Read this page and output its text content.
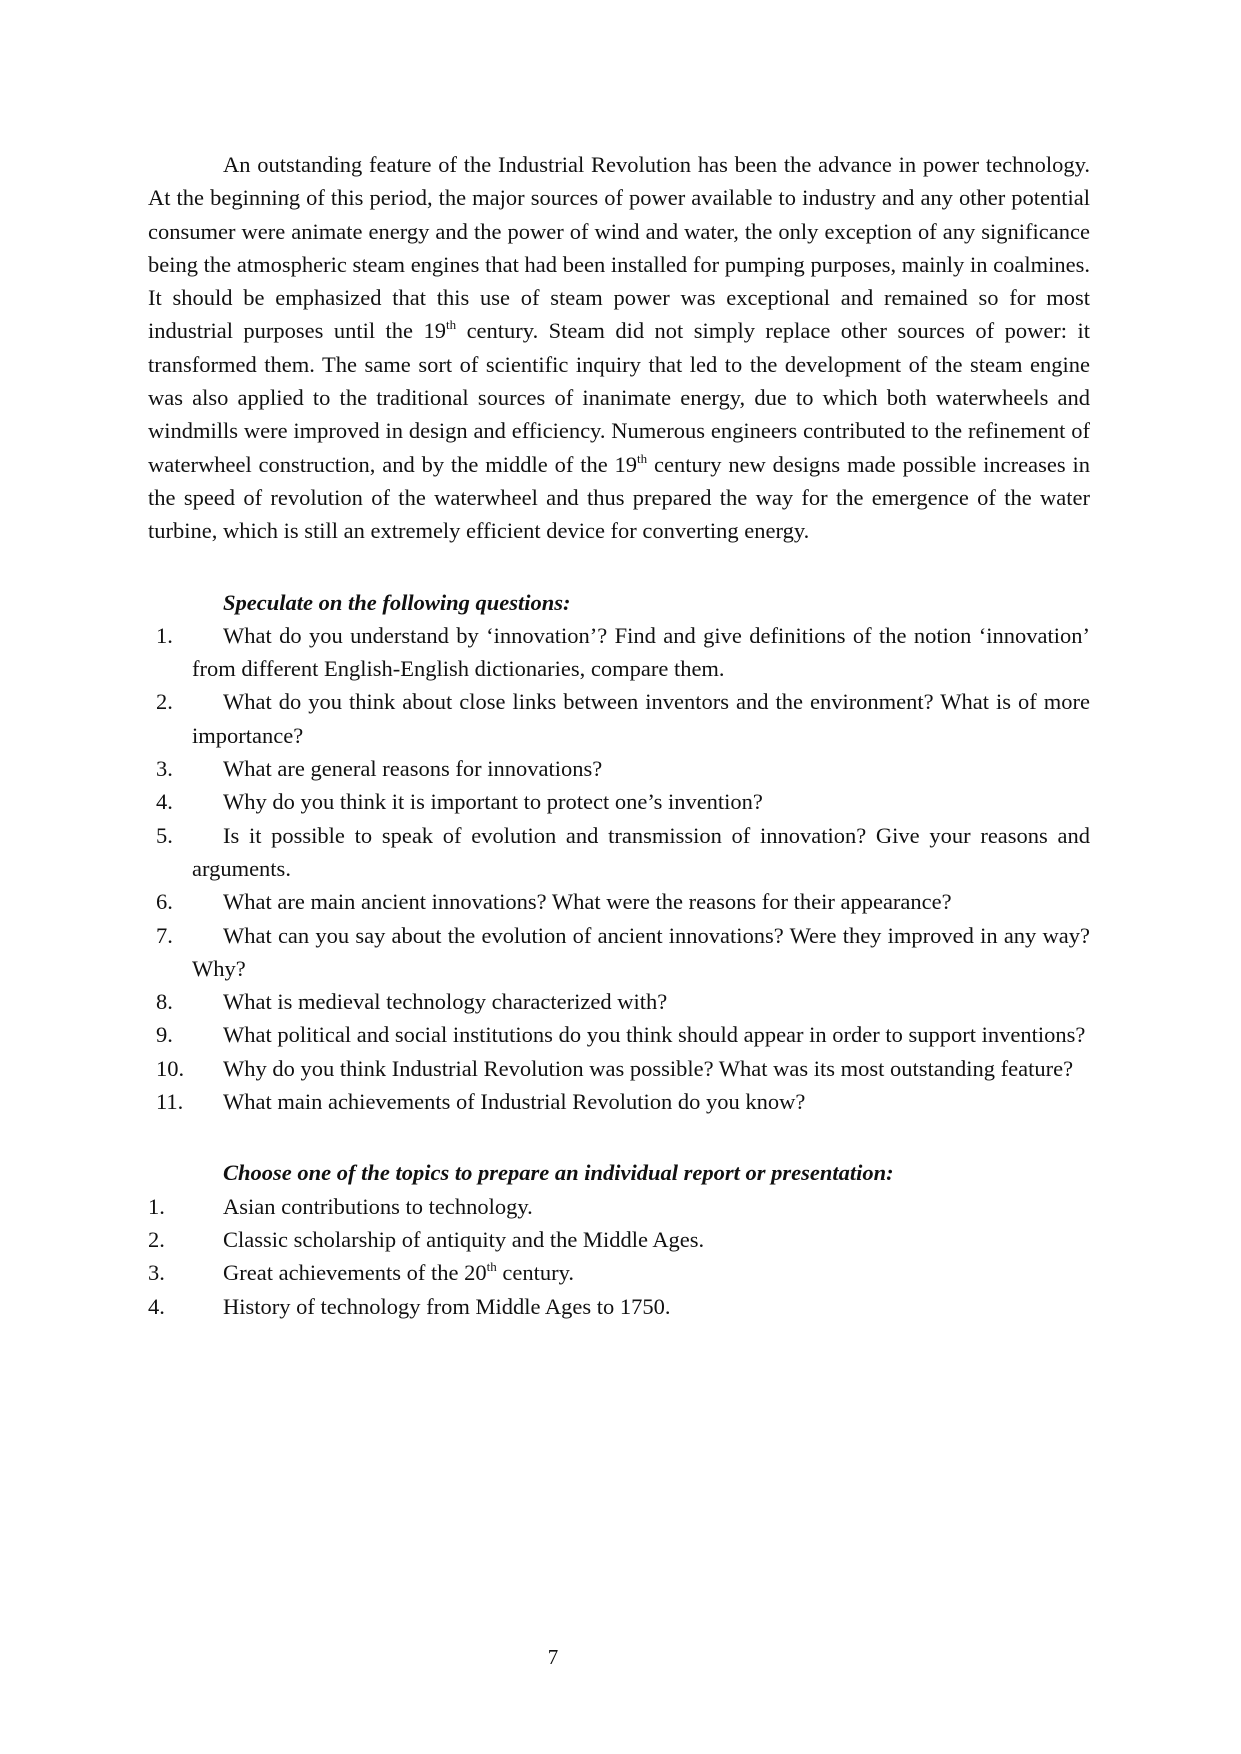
An outstanding feature of the Industrial Revolution has been the advance in power technology. At the beginning of this period, the major sources of power available to industry and any other potential consumer were animate energy and the power of wind and water, the only exception of any significance being the atmospheric steam engines that had been installed for pumping purposes, mainly in coalmines. It should be emphasized that this use of steam power was exceptional and remained so for most industrial purposes until the 19th century. Steam did not simply replace other sources of power: it transformed them. The same sort of scientific inquiry that led to the development of the steam engine was also applied to the traditional sources of inanimate energy, due to which both waterwheels and windmills were improved in design and efficiency. Numerous engineers contributed to the refinement of waterwheel construction, and by the middle of the 19th century new designs made possible increases in the speed of revolution of the waterwheel and thus prepared the way for the emergence of the water turbine, which is still an extremely efficient device for converting energy.

Speculate on the following questions:

1. What do you understand by ‘innovation’? Find and give definitions of the notion ‘innovation’ from different English-English dictionaries, compare them.
2. What do you think about close links between inventors and the environment? What is of more importance?
3. What are general reasons for innovations?
4. Why do you think it is important to protect one’s invention?
5. Is it possible to speak of evolution and transmission of innovation? Give your reasons and arguments.
6. What are main ancient innovations? What were the reasons for their appearance?
7. What can you say about the evolution of ancient innovations? Were they improved in any way? Why?
8. What is medieval technology characterized with?
9. What political and social institutions do you think should appear in order to support inventions?
10. Why do you think Industrial Revolution was possible? What was its most outstanding feature?
11. What main achievements of Industrial Revolution do you know?

Choose one of the topics to prepare an individual report or presentation:

1.	Asian contributions to technology.
2.	Classic scholarship of antiquity and the Middle Ages.
3.	Great achievements of the 20th century.
4.	History of technology from Middle Ages to 1750.
7
